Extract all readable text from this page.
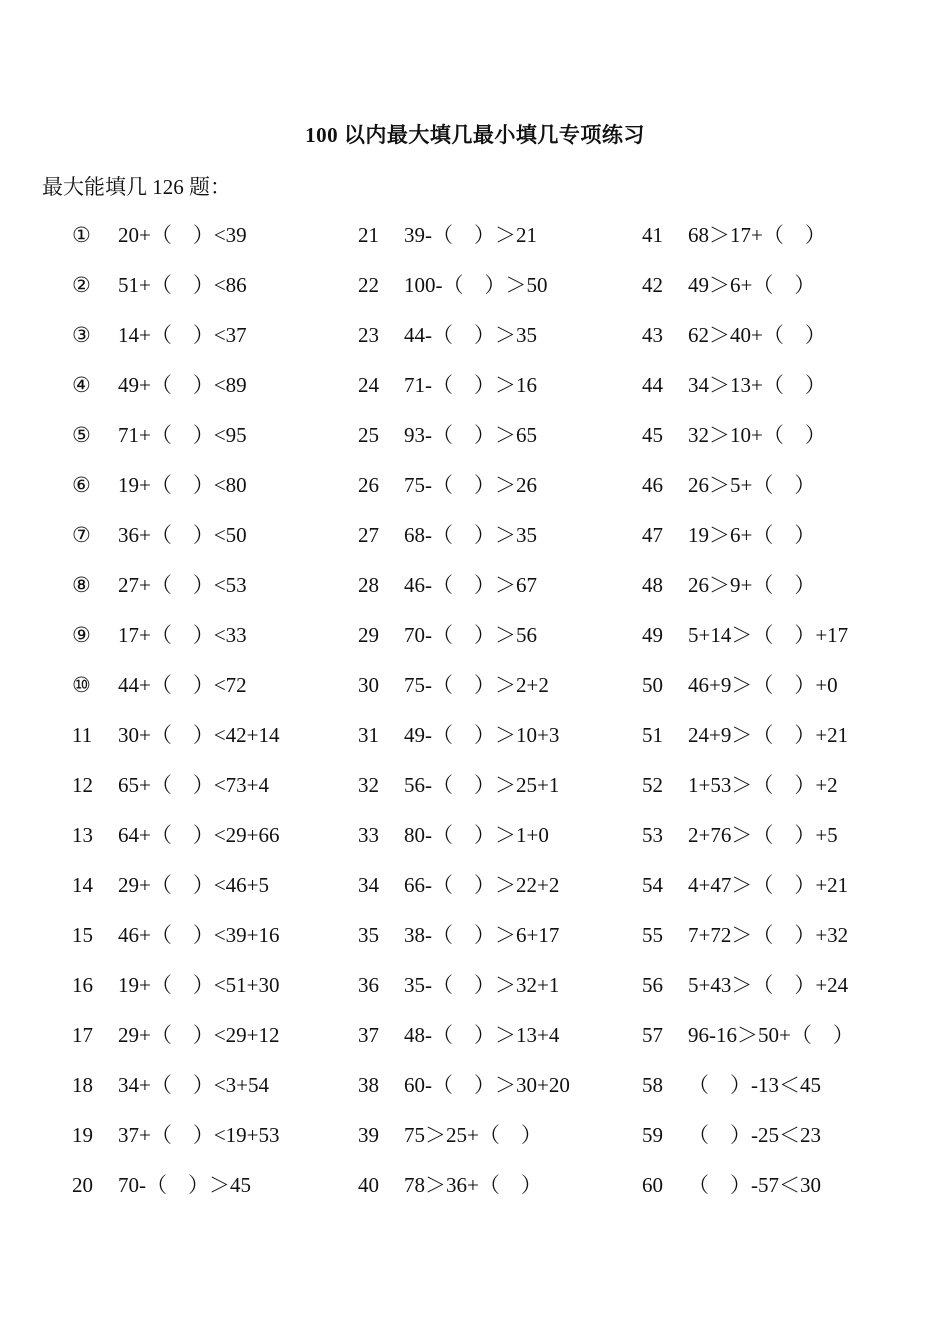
100 以内最大填几最小填几专项练习
最大能填几 126 题：
①	20+（　）<39
②	51+（　）<86
③	14+（　）<37
④	49+（　）<89
⑤	71+（　）<95
⑥	19+（　）<80
⑦	36+（　）<50
⑧	27+（　）<53
⑨	17+（　）<33
⑩	44+（　）<72
11	30+（　）<42+14
12	65+（　）<73+4
13	64+（　）<29+66
14	29+（　）<46+5
15	46+（　）<39+16
16	19+（　）<51+30
17	29+（　）<29+12
18	34+（　）<3+54
19	37+（　）<19+53
20	70-（　）＞45
21	39-（　）＞21
22	100-（　）＞50
23	44-（　）＞35
24	71-（　）＞16
25	93-（　）＞65
26	75-（　）＞26
27	68-（　）＞35
28	46-（　）＞67
29	70-（　）＞56
30	75-（　）＞2+2
31	49-（　）＞10+3
32	56-（　）＞25+1
33	80-（　）＞1+0
34	66-（　）＞22+2
35	38-（　）＞6+17
36	35-（　）＞32+1
37	48-（　）＞13+4
38	60-（　）＞30+20
39	75＞25+（　）
40	78＞36+（　）
41	68＞17+（　）
42	49＞6+（　）
43	62＞40+（　）
44	34＞13+（　）
45	32＞10+（　）
46	26＞5+（　）
47	19＞6+（　）
48	26＞9+（　）
49	5+14＞（　）+17
50	46+9＞（　）+0
51	24+9＞（　）+21
52	1+53＞（　）+2
53	2+76＞（　）+5
54	4+47＞（　）+21
55	7+72＞（　）+32
56	5+43＞（　）+24
57	96-16＞50+（　）
58	（　）-13＜45
59	（　）-25＜23
60	（　）-57＜30
